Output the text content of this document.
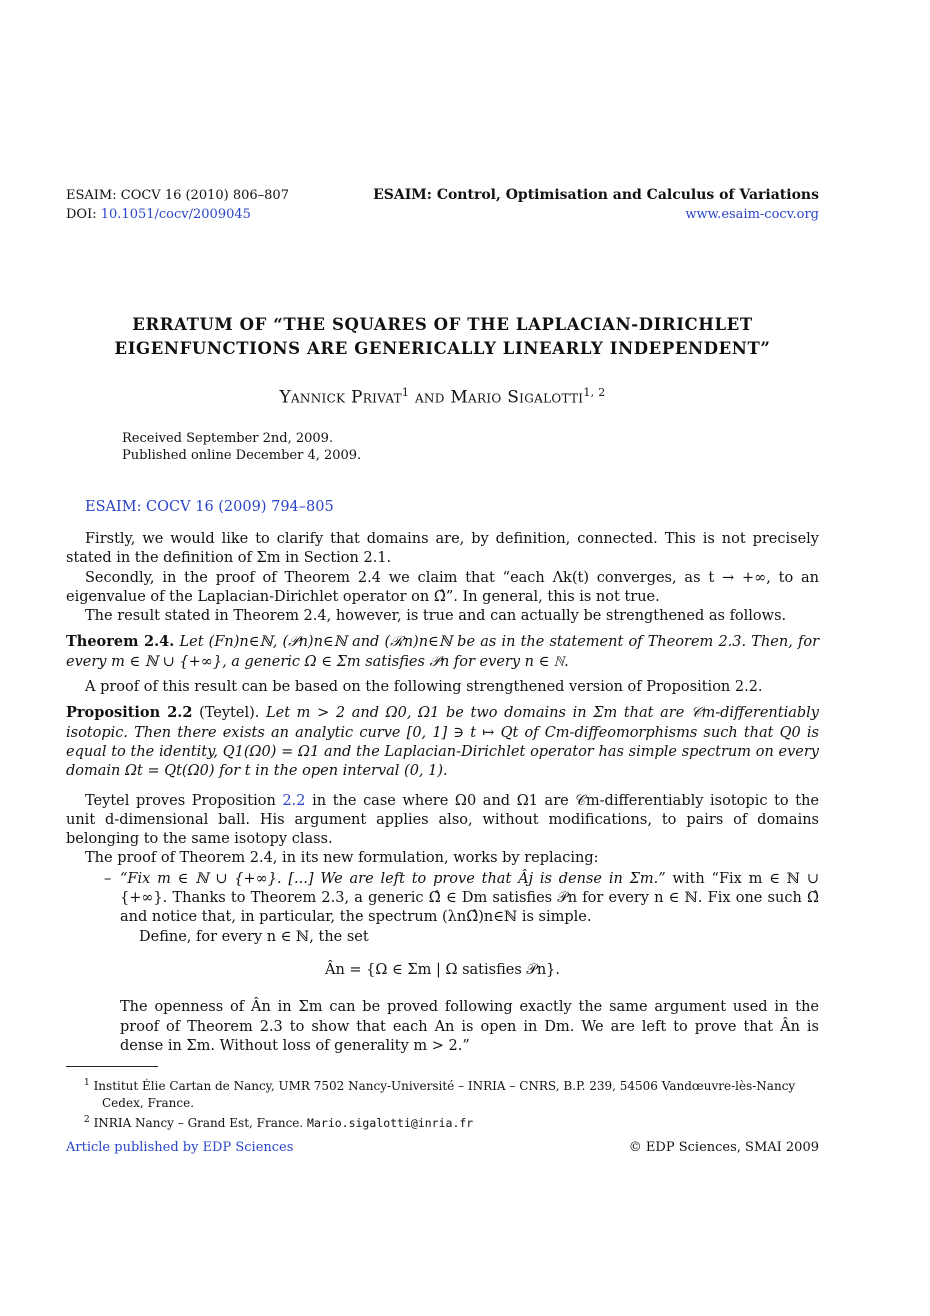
ESAIM: COCV 16 (2010) 806–807
DOI: 10.1051/cocv/2009045
ESAIM: Control, Optimisation and Calculus of Variations
www.esaim-cocv.org
ERRATUM OF “THE SQUARES OF THE LAPLACIAN-DIRICHLET
EIGENFUNCTIONS ARE GENERICALLY LINEARLY INDEPENDENT”
Yannick Privat$^1$ and Mario Sigalotti$^{1, 2}$
Received September 2nd, 2009.
Published online December 4, 2009.
ESAIM: COCV 16 (2009) 794–805

Firstly, we would like to clarify that domains are, by definition, connected. This is not precisely stated in the definition of Σm in Section 2.1.

Secondly, in the proof of Theorem 2.4 we claim that “each Λk(t) converges, as t → +∞, to an eigenvalue of the Laplacian-Dirichlet operator on Ω̂”. In general, this is not true.

The result stated in Theorem 2.4, however, is true and can actually be strengthened as follows.

Theorem 2.4. Let (Fn)n∈ℕ, (𝒫n)n∈ℕ and (ℛn)n∈ℕ be as in the statement of Theorem 2.3. Then, for every m ∈ ℕ ∪ {+∞}, a generic Ω ∈ Σm satisfies 𝒫n for every n ∈ ℕ.

A proof of this result can be based on the following strengthened version of Proposition 2.2.

Proposition 2.2 (Teytel). Let m > 2 and Ω0, Ω1 be two domains in Σm that are 𝒞m-differentiably isotopic. Then there exists an analytic curve [0, 1] ∋ t ↦ Qt of Cm-diffeomorphisms such that Q0 is equal to the identity, Q1(Ω0) = Ω1 and the Laplacian-Dirichlet operator has simple spectrum on every domain Ωt = Qt(Ω0) for t in the open interval (0, 1).

Teytel proves Proposition 2.2 in the case where Ω0 and Ω1 are 𝒞m-differentiably isotopic to the unit d-dimensional ball. His argument applies also, without modifications, to pairs of domains belonging to the same isotopy class.

The proof of Theorem 2.4, in its new formulation, works by replacing:

– “Fix m ∈ ℕ ∪ {+∞}. [...] We are left to prove that Âj is dense in Σm.” with “Fix m ∈ ℕ ∪ {+∞}. Thanks to Theorem 2.3, a generic Ω̂ ∈ Dm satisfies 𝒫n for every n ∈ ℕ. Fix one such Ω̂ and notice that, in particular, the spectrum (λnΩ̂)n∈ℕ is simple.

Define, for every n ∈ ℕ, the set

Ân = {Ω ∈ Σm | Ω satisfies 𝒫n}.

The openness of Ân in Σm can be proved following exactly the same argument used in the proof of Theorem 2.3 to show that each An is open in Dm. We are left to prove that Ân is dense in Σm. Without loss of generality m > 2.”

$^1$ Institut Élie Cartan de Nancy, UMR 7502 Nancy-Université – INRIA – CNRS, B.P. 239, 54506 Vandœuvre-lès-Nancy Cedex, France.
$^2$ INRIA Nancy – Grand Est, France. Mario.sigalotti@inria.fr
Article published by EDP Sciences	© EDP Sciences, SMAI 2009
